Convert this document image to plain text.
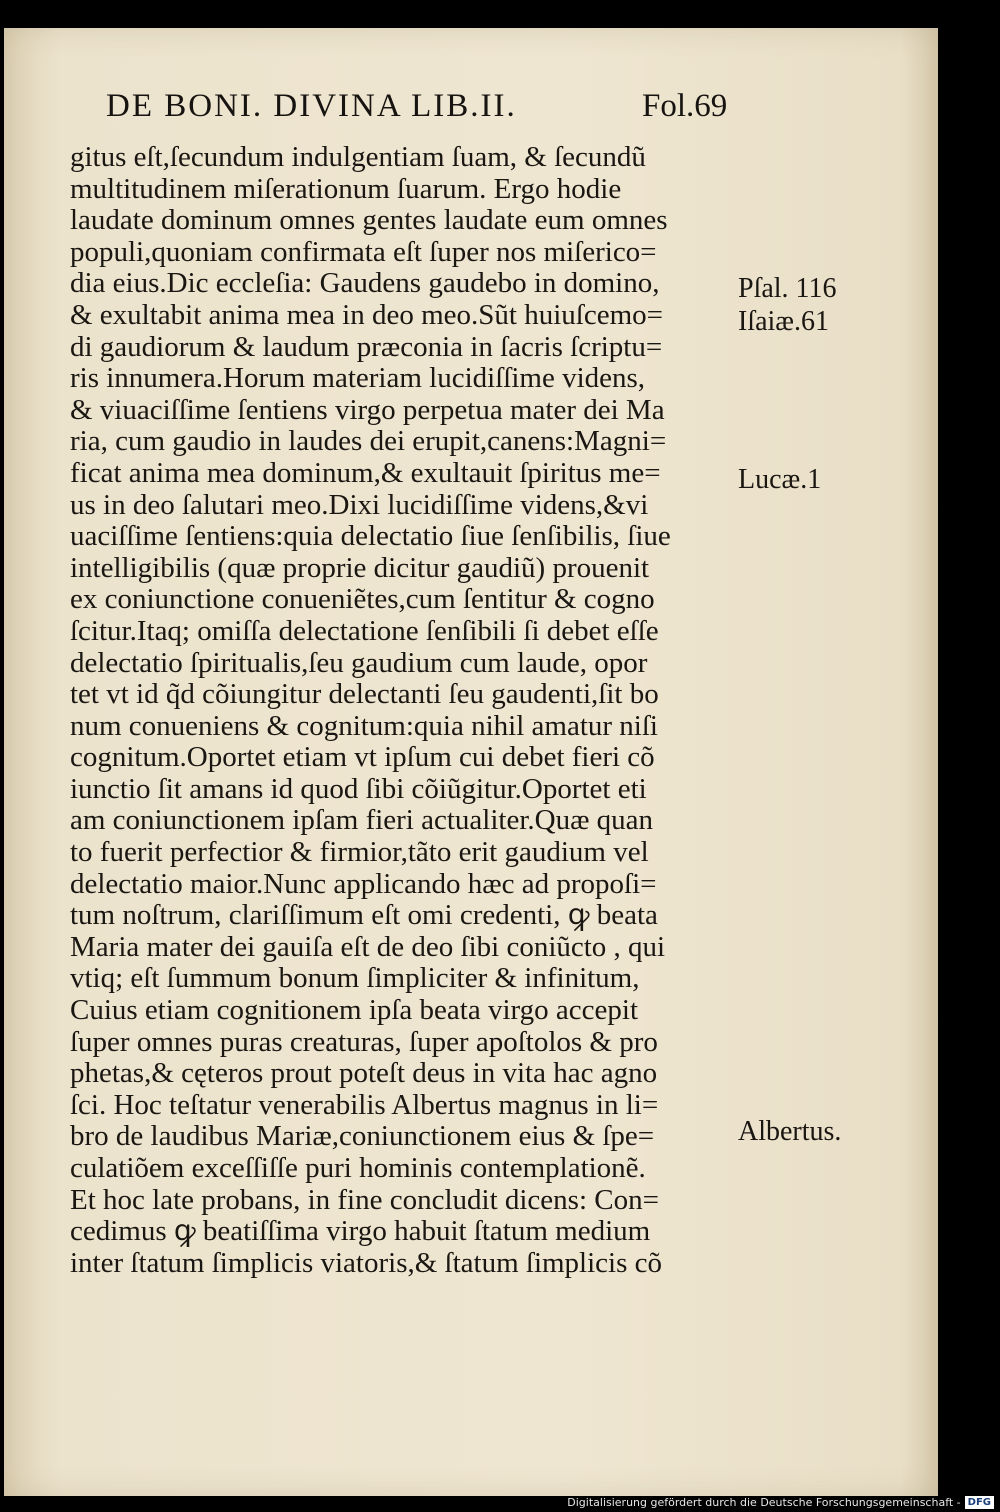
DE BONI. DIVINA LIB.II.	Fol.69
gitus eſt,ſecundum indulgentiam ſuam, & ſecundũ
multitudinem miſerationum ſuarum. Ergo hodie
laudate dominum omnes gentes laudate eum omnes
populi,quoniam confirmata eſt ſuper nos miſerico=
dia eius.Dic eccleſia: Gaudens gaudebo in domino,
& exultabit anima mea in deo meo.Sũt huiuſcemo=
di gaudiorum & laudum præconia in ſacris ſcriptu=
ris innumera.Horum materiam lucidiſſime videns,
& viuaciſſime ſentiens virgo perpetua mater dei Ma
ria, cum gaudio in laudes dei erupit,canens:Magni=
ficat anima mea dominum,& exultauit ſpiritus me=
us in deo ſalutari meo.Dixi lucidiſſime videns,&vi
uaciſſime ſentiens:quia delectatio ſiue ſenſibilis, ſiue
intelligibilis (quæ proprie dicitur gaudiũ) prouenit
ex coniunctione conueniẽtes,cum ſentitur & cogno
ſcitur.Itaq; omiſſa delectatione ſenſibili ſi debet eſſe
delectatio ſpiritualis,ſeu gaudium cum laude, opor
tet vt id q̃d cõiungitur delectanti ſeu gaudenti,ſit bo
num conueniens & cognitum:quia nihil amatur niſi
cognitum.Oportet etiam vt ipſum cui debet fieri cõ
iunctio ſit amans id quod ſibi cõiũgitur.Oportet eti
am coniunctionem ipſam fieri actualiter.Quæ quan
to fuerit perfectior & firmior,tãto erit gaudium vel
delectatio maior.Nunc applicando hæc ad propoſi=
tum noſtrum, clariſſimum eſt omi credenti, ꝙ beata
Maria mater dei gauiſa eſt de deo ſibi coniũcto , qui
vtiq; eſt ſummum bonum ſimpliciter & infinitum,
Cuius etiam cognitionem ipſa beata virgo accepit
ſuper omnes puras creaturas, ſuper apoſtolos & pro
phetas,& cęteros prout poteſt deus in vita hac agno
ſci. Hoc teſtatur venerabilis Albertus magnus in li=
bro de laudibus Mariæ,coniunctionem eius & ſpe=
culatiõem exceſſiſſe puri hominis contemplationẽ.
Et hoc late probans, in fine concludit dicens: Con=
cedimus ꝙ beatiſſima virgo habuit ſtatum medium
inter ſtatum ſimplicis viatoris,& ſtatum ſimplicis cõ
Pſal. 116
Iſaiæ.61
Lucæ.1
Albertus.
Digitalisierung gefördert durch die Deutsche Forschungsgemeinschaft - DFG
